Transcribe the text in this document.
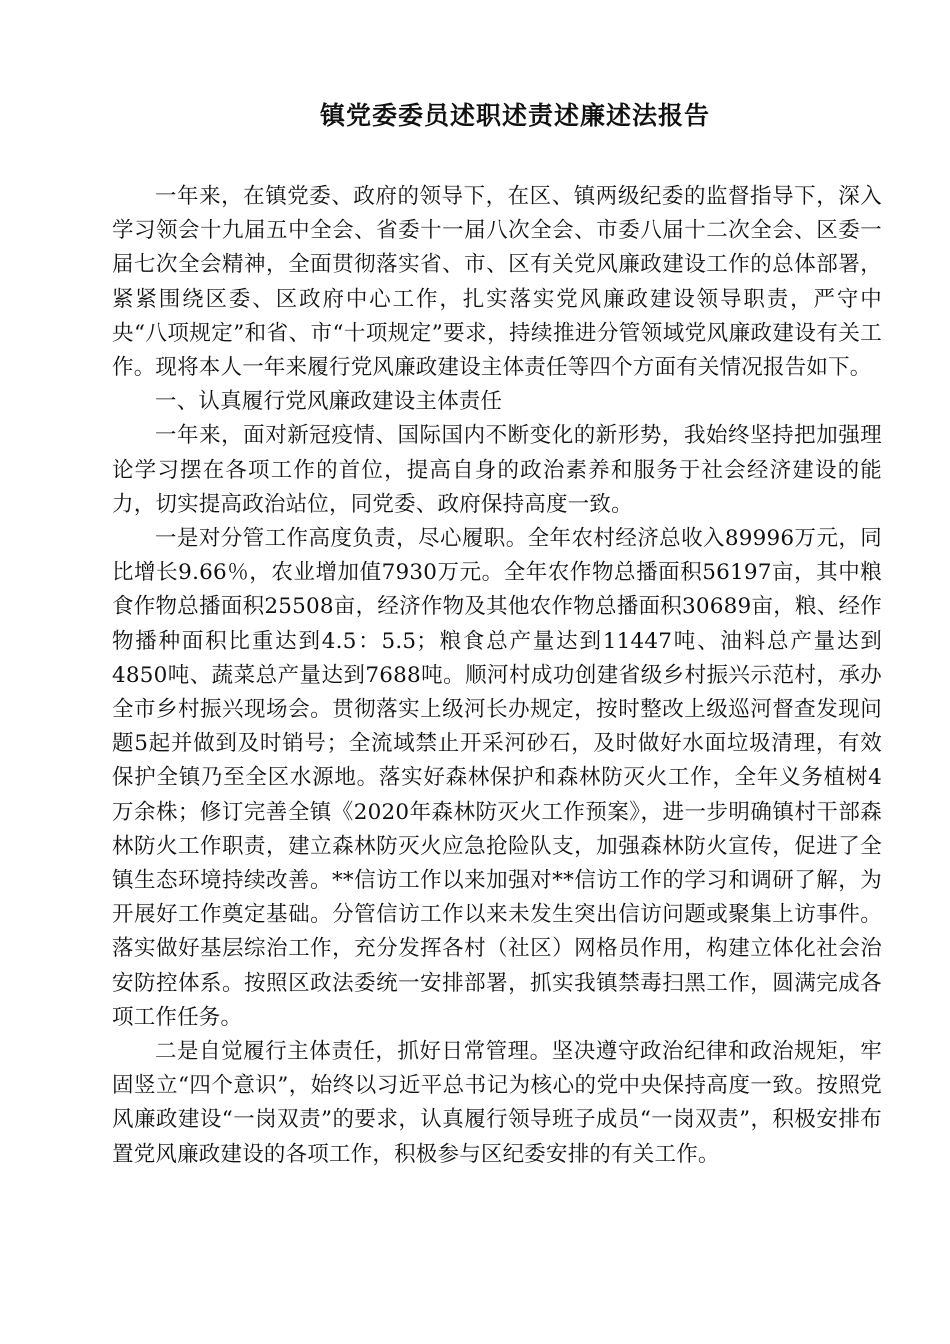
镇党委委员述职述责述廉述法报告

一年来，在镇党委、政府的领导下，在区、镇两级纪委的监督指导下，深入学习领会十九届五中全会、省委十一届八次全会、市委八届十二次全会、区委一届七次全会精神，全面贯彻落实省、市、区有关党风廉政建设工作的总体部署，紧紧围绕区委、区政府中心工作，扎实落实党风廉政建设领导职责，严守中央“八项规定”和省、市“十项规定”要求，持续推进分管领域党风廉政建设有关工作。现将本人一年来履行党风廉政建设主体责任等四个方面有关情况报告如下。

一、认真履行党风廉政建设主体责任

一年来，面对新冠疫情、国际国内不断变化的新形势，我始终坚持把加强理论学习摆在各项工作的首位，提高自身的政治素养和服务于社会经济建设的能力，切实提高政治站位，同党委、政府保持高度一致。

一是对分管工作高度负责，尽心履职。全年农村经济总收入89996万元，同比增长9.66％，农业增加值7930万元。全年农作物总播面积56197亩，其中粮食作物总播面积25508亩，经济作物及其他农作物总播面积30689亩，粮、经作物播种面积比重达到4.5：5.5；粮食总产量达到11447吨、油料总产量达到4850吨、蔬菜总产量达到7688吨。顺河村成功创建省级乡村振兴示范村，承办全市乡村振兴现场会。贯彻落实上级河长办规定，按时整改上级巡河督查发现问题5起并做到及时销号；全流域禁止开采河砂石，及时做好水面垃圾清理，有效保护全镇乃至全区水源地。落实好森林保护和森林防灭火工作，全年义务植树4万余株；修订完善全镇《2020年森林防灭火工作预案》，进一步明确镇村干部森林防火工作职责，建立森林防灭火应急抢险队支，加强森林防火宣传，促进了全镇生态环境持续改善。**信访工作以来加强对**信访工作的学习和调研了解，为开展好工作奠定基础。分管信访工作以来未发生突出信访问题或聚集上访事件。落实做好基层综治工作，充分发挥各村（社区）网格员作用，构建立体化社会治安防控体系。按照区政法委统一安排部署，抓实我镇禁毒扫黑工作，圆满完成各项工作任务。

二是自觉履行主体责任，抓好日常管理。坚决遵守政治纪律和政治规矩，牢固竖立“四个意识”，始终以习近平总书记为核心的党中央保持高度一致。按照党风廉政建设“一岗双责”的要求，认真履行领导班子成员“一岗双责”，积极安排布置党风廉政建设的各项工作，积极参与区纪委安排的有关工作。
